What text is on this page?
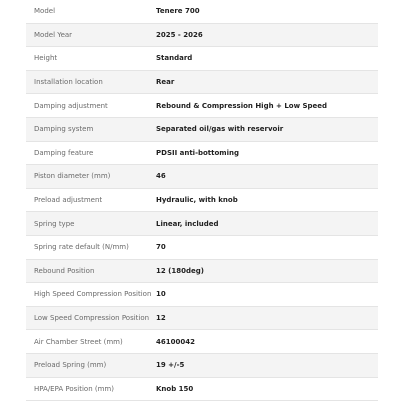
Model	Tenere 700
Model Year	2025 - 2026
Height	Standard
Installation location	Rear
Damping adjustment	Rebound & Compression High + Low Speed
Damping system	Separated oil/gas with reservoir
Damping feature	PDSII anti-bottoming
Piston diameter (mm)	46
Preload adjustment	Hydraulic, with knob
Spring type	Linear, included
Spring rate default (N/mm)	70
Rebound Position	12 (180deg)
High Speed Compression Position 10
Low Speed Compression Position 12
Air Chamber Street (mm)	46100042
Preload Spring (mm)	19 +/-5
HPA/EPA Position (mm)	Knob 150
